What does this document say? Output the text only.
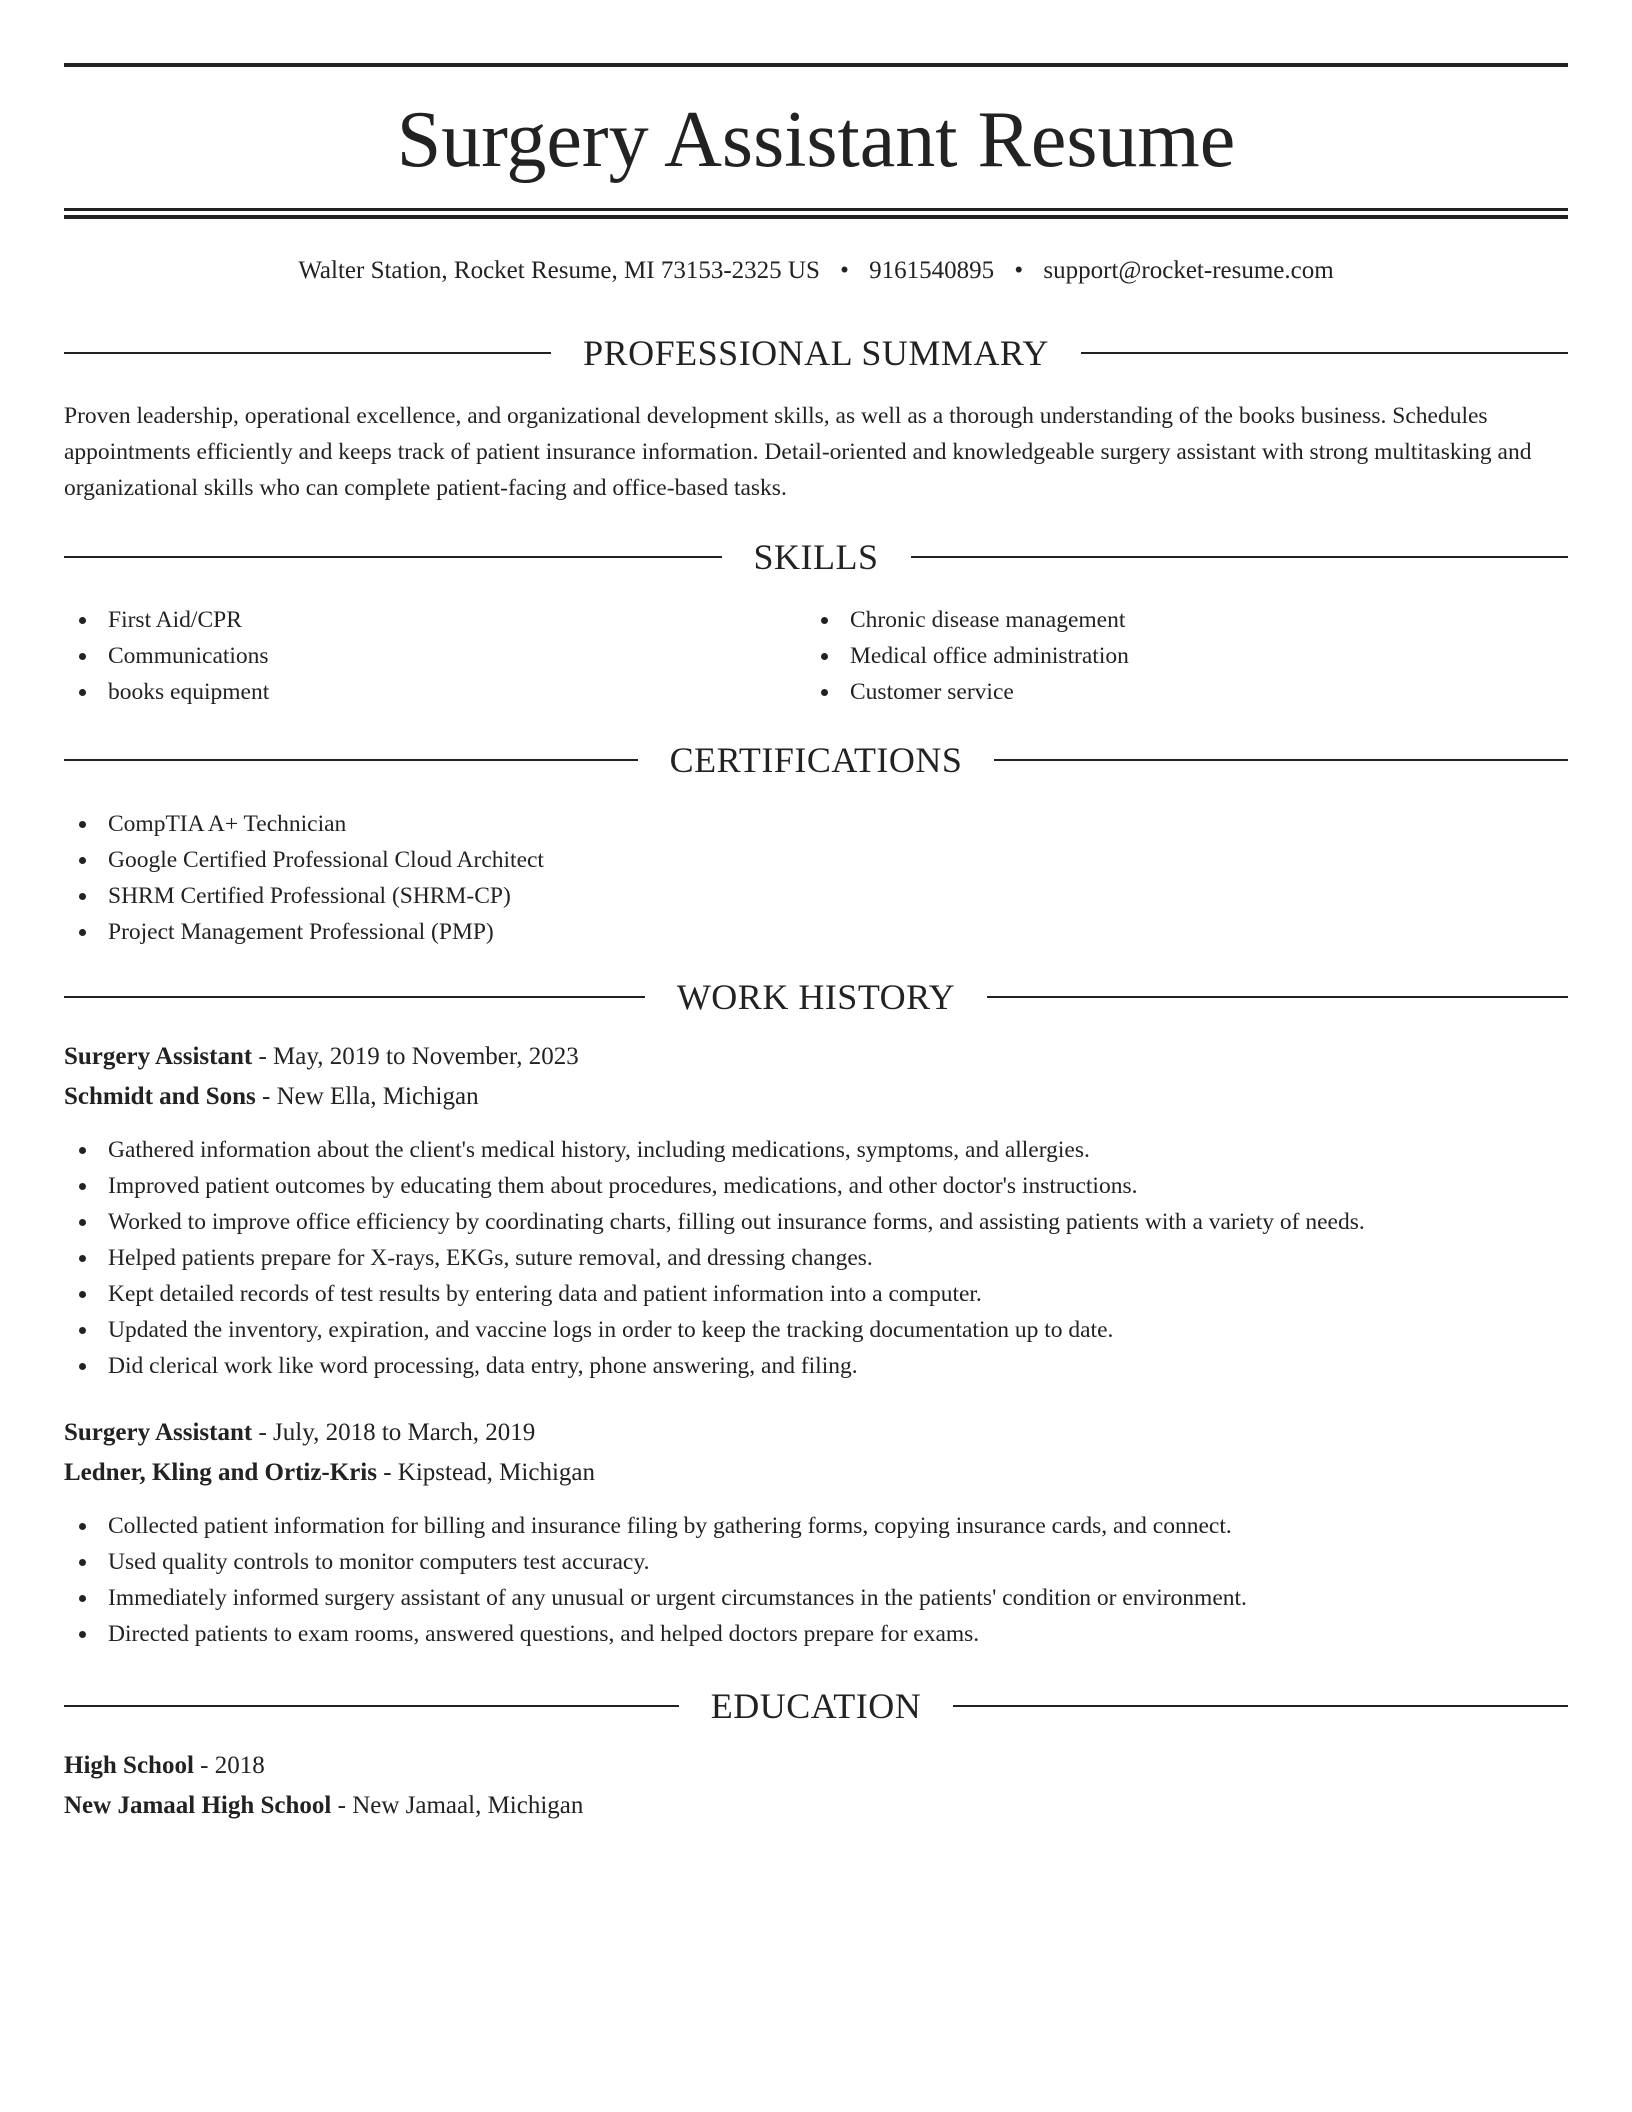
Surgery Assistant Resume
Walter Station, Rocket Resume, MI 73153-2325 US • 9161540895 • support@rocket-resume.com
PROFESSIONAL SUMMARY

Proven leadership, operational excellence, and organizational development skills, as well as a thorough understanding of the books business. Schedules appointments efficiently and keeps track of patient insurance information. Detail-oriented and knowledgeable surgery assistant with strong multitasking and organizational skills who can complete patient-facing and office-based tasks.

SKILLS
First Aid/CPR
Communications
books equipment
Chronic disease management
Medical office administration
Customer service
CERTIFICATIONS
CompTIA A+ Technician
Google Certified Professional Cloud Architect
SHRM Certified Professional (SHRM-CP)
Project Management Professional (PMP)
WORK HISTORY
Surgery Assistant - May, 2019 to November, 2023
Schmidt and Sons - New Ella, Michigan
Gathered information about the client's medical history, including medications, symptoms, and allergies.
Improved patient outcomes by educating them about procedures, medications, and other doctor's instructions.
Worked to improve office efficiency by coordinating charts, filling out insurance forms, and assisting patients with a variety of needs.
Helped patients prepare for X-rays, EKGs, suture removal, and dressing changes.
Kept detailed records of test results by entering data and patient information into a computer.
Updated the inventory, expiration, and vaccine logs in order to keep the tracking documentation up to date.
Did clerical work like word processing, data entry, phone answering, and filing.
Surgery Assistant - July, 2018 to March, 2019
Ledner, Kling and Ortiz-Kris - Kipstead, Michigan
Collected patient information for billing and insurance filing by gathering forms, copying insurance cards, and connect.
Used quality controls to monitor computers test accuracy.
Immediately informed surgery assistant of any unusual or urgent circumstances in the patients' condition or environment.
Directed patients to exam rooms, answered questions, and helped doctors prepare for exams.
EDUCATION
High School - 2018
New Jamaal High School - New Jamaal, Michigan
